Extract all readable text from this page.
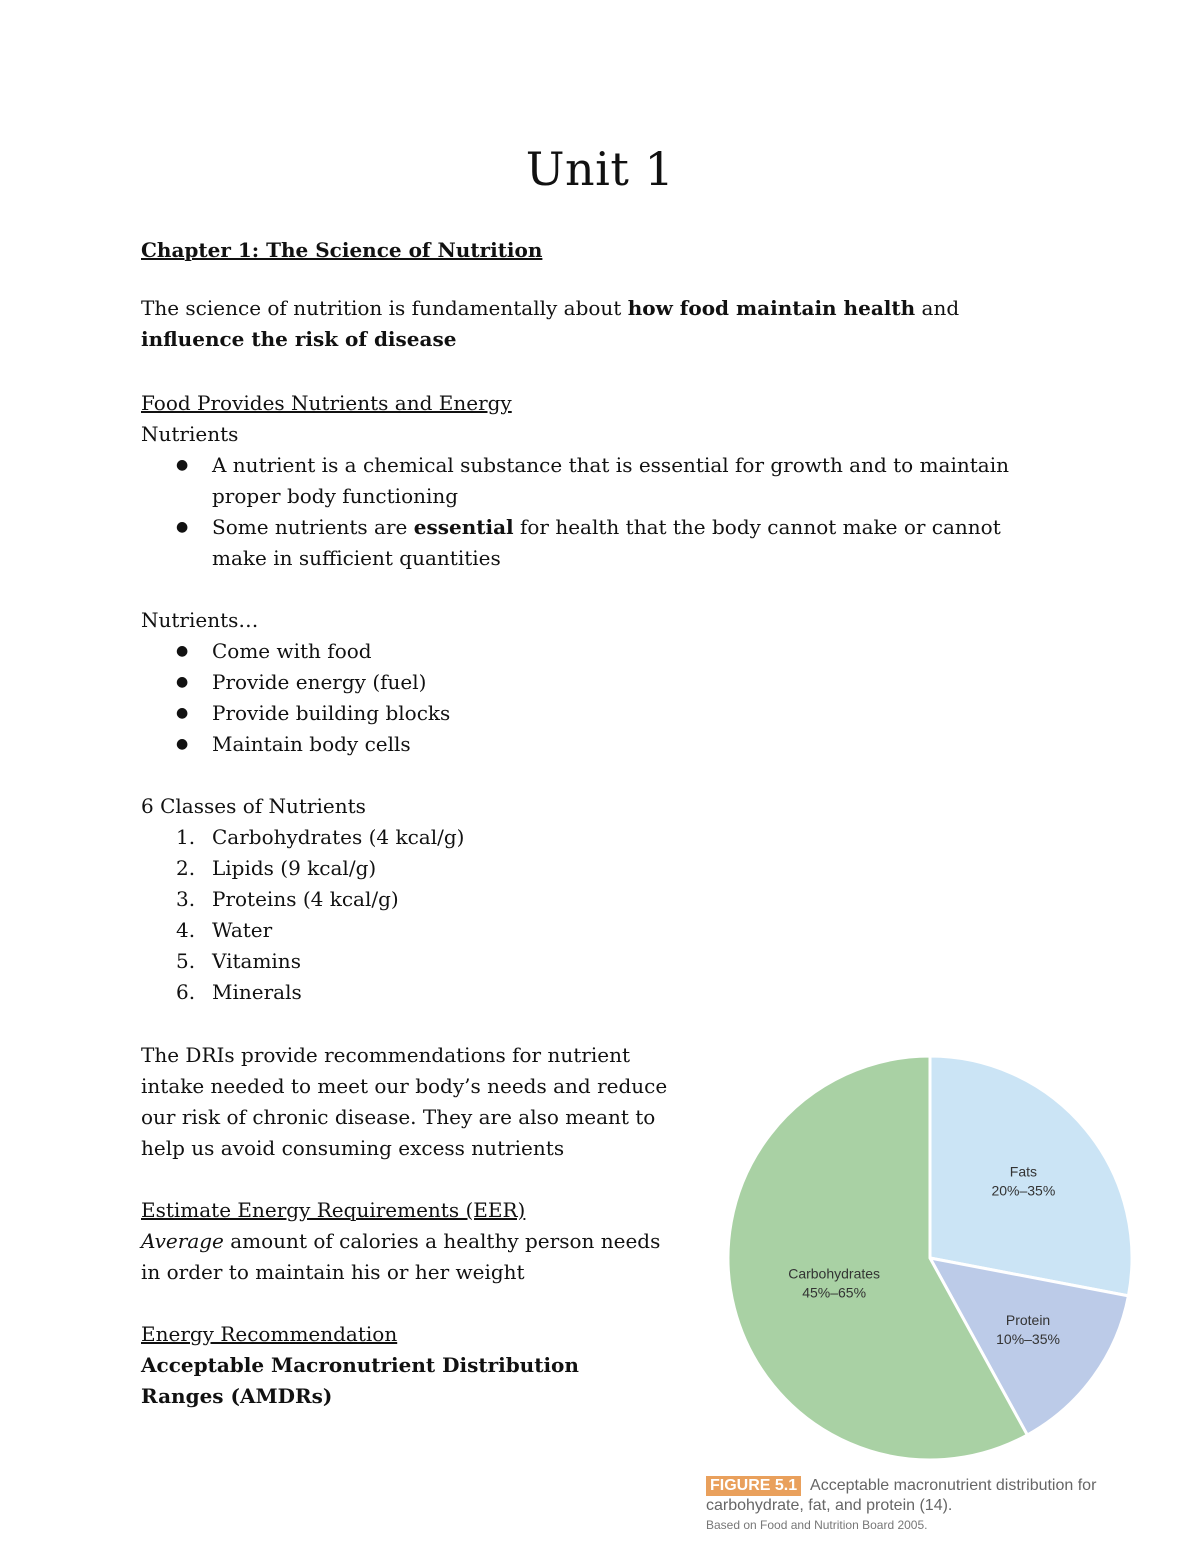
Unit 1

Chapter 1: The Science of Nutrition

The science of nutrition is fundamentally about how food maintain health and influence the risk of disease

Food Provides Nutrients and Energy
Nutrients
● A nutrient is a chemical substance that is essential for growth and to maintain proper body functioning
● Some nutrients are essential for health that the body cannot make or cannot make in sufficient quantities
Nutrients…
● Come with food
● Provide energy (fuel)
● Provide building blocks
● Maintain body cells
6 Classes of Nutrients
1. Carbohydrates (4 kcal/g)
2. Lipids (9 kcal/g)
3. Proteins (4 kcal/g)
4. Water
5. Vitamins
6. Minerals

The DRIs provide recommendations for nutrient intake needed to meet our body’s needs and reduce our risk of chronic disease. They are also meant to help us avoid consuming excess nutrients

Estimate Energy Requirements (EER)
Average amount of calories a healthy person needs in order to maintain his or her weight
Energy Recommendation
Acceptable Macronutrient Distribution Ranges (AMDRs)
Fats
20%–35%
Protein
10%–35%
Carbohydrates
45%–65%
FIGURE 5.1 Acceptable macronutrient distribution for carbohydrate, fat, and protein (14).
Based on Food and Nutrition Board 2005.
